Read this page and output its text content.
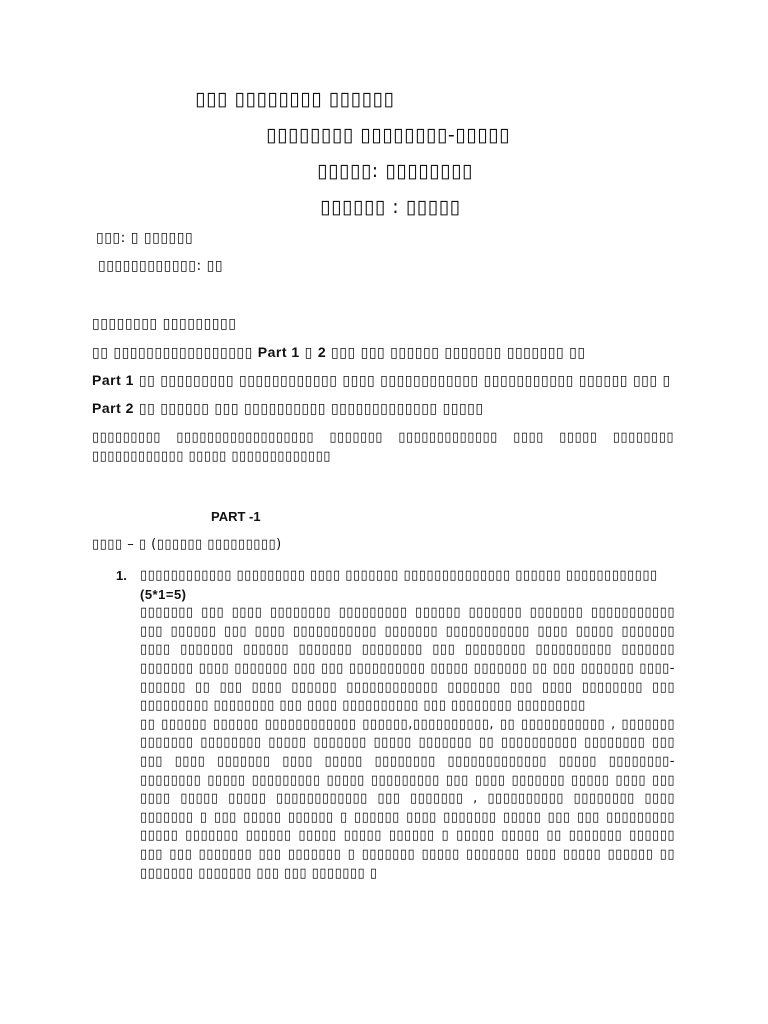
▯▯▯ ▯▯▯▯▯▯▯▯ ▯▯▯▯▯▯
▯▯▯▯▯▯▯▯ ▯▯▯▯▯▯▯▯-▯▯▯▯▯
▯▯▯▯▯: ▯▯▯▯▯▯▯▯
▯▯▯▯▯▯ : ▯▯▯▯▯
▯▯▯: ▯ ▯▯▯▯▯▯
▯▯▯▯▯▯▯▯▯▯▯▯: ▯▯
▯▯▯▯▯▯▯▯ ▯▯▯▯▯▯▯▯▯
▯▯ ▯▯▯▯▯▯▯▯▯▯▯▯▯▯▯▯▯ Part 1 ▯ 2 ▯▯▯ ▯▯▯ ▯▯▯▯▯▯ ▯▯▯▯▯▯▯ ▯▯▯▯▯▯▯ ▯▯
Part 1 ▯▯ ▯▯▯▯▯▯▯▯▯ ▯▯▯▯▯▯▯▯▯▯▯▯ ▯▯▯▯ ▯▯▯▯▯▯▯▯▯▯▯▯ ▯▯▯▯▯▯▯▯▯▯▯ ▯▯▯▯▯▯ ▯▯▯ ▯
Part 2 ▯▯ ▯▯▯▯▯▯ ▯▯▯ ▯▯▯▯▯▯▯▯▯▯ ▯▯▯▯▯▯▯▯▯▯▯▯▯ ▯▯▯▯▯
▯▯▯▯▯▯▯▯▯ ▯▯▯▯▯▯▯▯▯▯▯▯▯▯▯▯▯▯ ▯▯▯▯▯▯▯ ▯▯▯▯▯▯▯▯▯▯▯▯▯ ▯▯▯▯ ▯▯▯▯▯ ▯▯▯▯▯▯▯▯ ▯▯▯▯▯▯▯▯▯▯▯▯ ▯▯▯▯▯ ▯▯▯▯▯▯▯▯▯▯▯▯▯
PART -1
▯▯▯▯ – ▯ (▯▯▯▯▯▯ ▯▯▯▯▯▯▯▯▯)
1. ▯▯▯▯▯▯▯▯▯▯▯▯ ▯▯▯▯▯▯▯▯▯ ▯▯▯▯ ▯▯▯▯▯▯▯ ▯▯▯▯▯▯▯▯▯▯▯▯▯▯ ▯▯▯▯▯▯ ▯▯▯▯▯▯▯▯▯▯▯▯
(5*1=5)
▯▯▯▯▯▯▯ ▯▯▯ ▯▯▯▯ ▯▯▯▯▯▯▯▯ ▯▯▯▯▯▯▯▯▯ ▯▯▯▯▯▯ ▯▯▯▯▯▯▯ ▯▯▯▯▯▯▯ ▯▯▯▯▯▯▯▯▯▯▯ ▯▯▯ ▯▯▯▯▯▯ ▯▯▯ ▯▯▯▯ ▯▯▯▯▯▯▯▯▯▯▯ ▯▯▯▯▯▯▯ ▯▯▯▯▯▯▯▯▯▯▯ ▯▯▯▯ ▯▯▯▯▯ ▯▯▯▯▯▯▯ ▯▯▯▯ ▯▯▯▯▯▯▯ ▯▯▯▯▯▯ ▯▯▯▯▯▯▯ ▯▯▯▯▯▯▯▯ ▯▯▯ ▯▯▯▯▯▯▯▯ ▯▯▯▯▯▯▯▯▯▯ ▯▯▯▯▯▯▯ ▯▯▯▯▯▯▯ ▯▯▯▯ ▯▯▯▯▯▯▯ ▯▯▯ ▯▯▯ ▯▯▯▯▯▯▯▯▯▯ ▯▯▯▯▯ ▯▯▯▯▯▯▯ ▯▯ ▯▯▯ ▯▯▯▯▯▯▯ ▯▯▯▯-▯▯▯▯▯▯ ▯▯ ▯▯▯ ▯▯▯▯ ▯▯▯▯▯▯ ▯▯▯▯▯▯▯▯▯▯▯▯ ▯▯▯▯▯▯▯ ▯▯▯ ▯▯▯▯ ▯▯▯▯▯▯▯▯ ▯▯▯ ▯▯▯▯▯▯▯▯▯ ▯▯▯▯▯▯▯▯ ▯▯▯ ▯▯▯▯ ▯▯▯▯▯▯▯▯▯▯ ▯▯▯ ▯▯▯▯▯▯▯▯ ▯▯▯▯▯▯▯▯▯
▯▯ ▯▯▯▯▯▯ ▯▯▯▯▯▯ ▯▯▯▯▯▯▯▯▯▯▯▯ ▯▯▯▯▯▯,▯▯▯▯▯▯▯▯▯▯, ▯▯ ▯▯▯▯▯▯▯▯▯▯▯ , ▯▯▯▯▯▯▯ ▯▯▯▯▯▯▯ ▯▯▯▯▯▯▯▯ ▯▯▯▯▯ ▯▯▯▯▯▯▯ ▯▯▯▯▯ ▯▯▯▯▯▯▯ ▯▯ ▯▯▯▯▯▯▯▯▯▯ ▯▯▯▯▯▯▯▯ ▯▯▯ ▯▯▯ ▯▯▯▯ ▯▯▯▯▯▯▯ ▯▯▯▯ ▯▯▯▯▯ ▯▯▯▯▯▯▯▯ ▯▯▯▯▯▯▯▯▯▯▯▯▯ ▯▯▯▯▯ ▯▯▯▯▯▯▯▯-▯▯▯▯▯▯▯▯ ▯▯▯▯▯ ▯▯▯▯▯▯▯▯▯ ▯▯▯▯▯ ▯▯▯▯▯▯▯▯▯ ▯▯▯ ▯▯▯▯ ▯▯▯▯▯▯▯ ▯▯▯▯▯ ▯▯▯▯ ▯▯▯ ▯▯▯▯ ▯▯▯▯▯ ▯▯▯▯▯ ▯▯▯▯▯▯▯▯▯▯▯▯ ▯▯▯ ▯▯▯▯▯▯▯ , ▯▯▯▯▯▯▯▯▯▯ ▯▯▯▯▯▯▯▯ ▯▯▯▯ ▯▯▯▯▯▯▯ ▯ ▯▯▯ ▯▯▯▯▯ ▯▯▯▯▯▯ ▯ ▯▯▯▯▯▯ ▯▯▯▯ ▯▯▯▯▯▯▯ ▯▯▯▯▯ ▯▯▯ ▯▯▯ ▯▯▯▯▯▯▯▯▯ ▯▯▯▯▯ ▯▯▯▯▯▯▯ ▯▯▯▯▯▯ ▯▯▯▯▯ ▯▯▯▯▯ ▯▯▯▯▯▯ ▯ ▯▯▯▯▯ ▯▯▯▯▯ ▯▯ ▯▯▯▯▯▯▯ ▯▯▯▯▯▯ ▯▯▯ ▯▯▯ ▯▯▯▯▯▯▯ ▯▯▯ ▯▯▯▯▯▯▯ ▯ ▯▯▯▯▯▯▯ ▯▯▯▯▯ ▯▯▯▯▯▯▯ ▯▯▯▯ ▯▯▯▯▯ ▯▯▯▯▯▯ ▯▯ ▯▯▯▯▯▯▯ ▯▯▯▯▯▯▯ ▯▯▯ ▯▯▯ ▯▯▯▯▯▯▯ ▯
